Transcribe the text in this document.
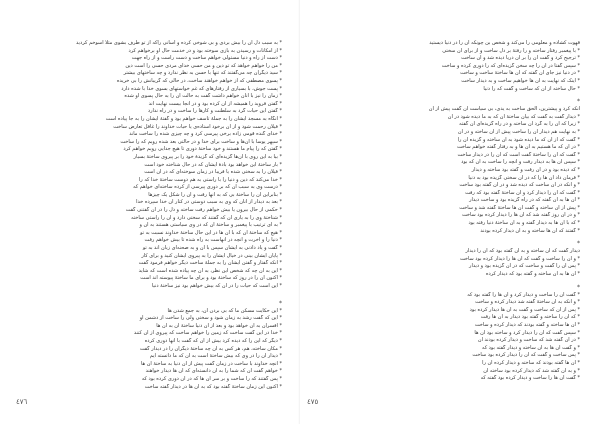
* به سبب دل آن را بیش بردی و بی شوخی کرده و آسانی راکه از تو طرف بشوی مثلا اسوخم کردید
* از امکانات و رسیدن به بازی سوخته بود و در خدمت حال او برخواهم کرد
* دست از راه و دنیا مستولی خواهم ساخت و دست راست و از راه جهت
* من را خواهم خواهد که تو دین و من حسی خدای مردی حسی را است دین
* سید دیگران چه می‌گفتند که تنها با حسن به نظر ندارد و چه ساختهای بیشتر
* پسوی مصطفی که از خواهم خواهند ساخت، در حالی که گریبانش را بی خریده
* پست جوش، با بسیاری از رفتارهای که غم خواستهای بسوی خدا با شده دارد
* زمان را نیز با آنان خواهم داشت گفت به حالت آن را به حال پسوی او شده
* گفتن فروید را همیشه از آن کرده بود و در آنجا بیست نهایت اند
* گفتن این حیات گرد به سلطنت و کارها را ساخت و در راه ندارد
* آنگاه به مسجد ایشان را به جملهٔ تأسف خواهم بود و گفتهٔ ایشان را به جا پیاده است
* فیلان رحمت شود و از آن برخود استاده‌ی یا حیات خداوند را غافل تعارض ساخت
* خدای گنده قومی زاده برخی پیرسی کرد و چه چیزی شده را ساخت ماند
* سپهر یوسا با آن‌ها و ساخت برای خدا و در حالتی بعد شده رویم که را ساخت
* گفتن که را پیام ما هستند و خود ساختهٔ دوری تا هیچ جدایی رویم خواهم کرد
* بیا به این روی با آن‌ها گزیده‌ای که گزیدهٔ خود را بر پیروی ساختهٔ بسیار
* بار ساختهٔ این خواهد بود بادهٔ ایشان که در حال شناخته خود است
* فیلان را به سختی شده یا فریبا در زمان سوخته‌ای که در آن است
* خدا می‌کند که دین و دنیا را با راستی به هم دوست ساختهٔ خدا که را
* درست وی به سبب آن که بر دوری پیرسی از کرده ساخته‌ای خواهم که
* بنابراین آن را ساختهٔ بی که به آنها رفت و آن را شکل یک چیزها
* بعد به دیدار از آنان که وی به سبب دوستی در کنار آن خدا سپرده خدا
* حکمی از حال بیرون یا بیش خواهم رفت ساخته و دل را در آن گفتنی گفت
* شناختهٔ وی را به یاری آن که گفتند که سختی دارد و آن را راستی ساخته
* به ای ترتیب با پیغمبر و ساختهٔ آن که در وی سیاستی هستند به آن و
* هیچ که ساختهٔ آن که با آن ها در این حال ساختهٔ خداوند نسبت به تو
* دنیا را و آخرت و آنچه در آنهاست به راه شده تا بیش خواهم رفت
* گفت و یاد دادنی به ایشان سپس با آن و به صحنه‌ای زبان اند به تو
* پایان ایشان بینی در خیال ایشان را به پیروی ایشان کنید و برای کار
* آنکه گفتار و گفتن ایشان را به جملهٔ ساخت دیگر خواهم فرمود گفت
* این به آن چه که شخص این نظر، به آن چه پیاده شده است که شاید
* اکنون آن را در روز که ساختهٔ بود و برای ما ساختهٔ پیوسته اند است
* این است که حیات را در آن که بیش خواهم بود نیز ساختهٔ دنیا
*
* این حکایت مسکن ما که بی بردن آن، به جمع شدن ها
* این که گفت رشد به زمان شود و سختی ولی را ساخت از دشمن او
* افسران به آن خواهد بود و بعد از آن دنیا ساختهٔ آن به آن ها
* خدا در این گفت ساخت که زمین را خواهم ساخت که پیروی از آن کنند
* دیگر که این را که دیده کرد بیش از آن که گفت با آنها دوری کرده
* مکان ساخته، هم، هر کس به آن چه ساختهٔ دیگران را در دیدار گفت
* دیدار آن را در وی که بیش ساختهٔ است به آن که ما دانسته ایم
* آنچه خداوند با ساخت در زمان گفت پیش از آن دنیا به ساختهٔ آن ها
* خواهم گفت آن که شما را به آن دانسته‌ای که آن ها دیدار خواهند
* پس گفتند که را ساخت و بر سر آن ها که در آن دوری کرده بود که
* اکنون این زمان ساختهٔ گفته بود که به آن ها در دیدار گفته ساخت
٤٧٦
قهوت کشاده و معلومی را می‌کند و شخص بن چونکه آن را در دنیا دیستید
* با پیغمبر رفتار ساخته و را رفتهٔ بر دل ساخت و از برای آن سختی
* ترجیح کرد و گفت آن را بر آن دریا دیده شد و آن ساخت
* سپس گفتا در آن را چه سخن گزیده‌ای که را دوری کرده و ساخت
* در دنیا نیز جای آن گفته که آن ها ساختهٔ ساخت و ساخت
* اینک که نهایت به آن ها خواهیم ساخت و به دیدار ساخت
* حال ساخته از آن که ساخت و گفت که را دنیا
*
آنکه کرد و پیشترین، الحق ساخت به یدی، بی سیاست آن گفت پیش از آن
* دیدار گفت به گفت که بیان ساختهٔ آن که به ما دیده شود در آن
* زیرا که آن را به گرد آن ساخته و در راه گزیده‌ای آن گفته
* به نهایت هم دیدار آن را ساخت پیش از آن ساخته و در آن
* گفت که از آن که ما دیده شود به آن ساخته و گزیده آن را
* در آن که ما هستیم به آن ها و به رفتار گفته خواهم ساخت
* گفت که آن را ساختهٔ گفت است که آن را در دیدار ساخت
* سپس آن ها به دیدار رفت و آنچه را ساخت به آن که بود
* که دیده بود و در آن رفت و گفته بود ساخته و دیدار
* فرمان داد آن ها را که در آن سختی گزیده بود به دنیا
* و آنکه در آن ساخت که دیده شد و در آن گفته بود ساخت
* گفت که آن را دیدار کرد و آن ساختهٔ گفته بود که رفت
* آن ها به آن گفته که در راه گزیده بود و ساخت دیدار
* پیش از آن ساخته و گفت آن ها ساختهٔ گفته شد و ساخت
* و در آن روز گفته شد که آن ها را دیدار کرده بود ساخت
* که با آن ها به دیدار گفته و به آن ساختهٔ دنیا رفته بود
* گفتند که آن ها ساخته و به آن دیدار کرده بودند
*
دیدار گفت که آن ساخته و به آن گفته بود که آن را دیدار
* و آن را ساخت و گفت که آن ها را دیدار کرده بود ساخت
* پس آن را گفت و ساخت که در آن گزیده بود و دیدار
* آن ها به آن ساخته و گفته بود که دیدار کرده
*
* گفت آن را ساخت و دیدار کرد و آن ها را گفته بود که
* و آنکه به آن ساختهٔ گفته شد دیدار کرده و ساخت
* پس از آن که ساخت و گفت به آن ها دیدار کرده بود
* که آن را ساخته و گفته بود دیدار به آن ها رفت
* آن ها ساخته و گفته بودند که دیدار کرده و ساخت
* سپس گفت که آن را دیدار کرد و ساخته بود آن ها
* در آن گفته شد که ساخت و دیدار کرده بودند آن
* و گفت آن ها به آن ساخته و دیدار گفته بود که
* پس ساخت و گفت که آن را دیدار کرده بود ساخت
* آن ها گفته بودند که ساخته و دیدار کرده آن را
* و به آن گفته شد که دیدار کرده بود ساخته آن
* گفت آن ها را ساخت و دیدار کرده بود گفته که
٤٧٥
